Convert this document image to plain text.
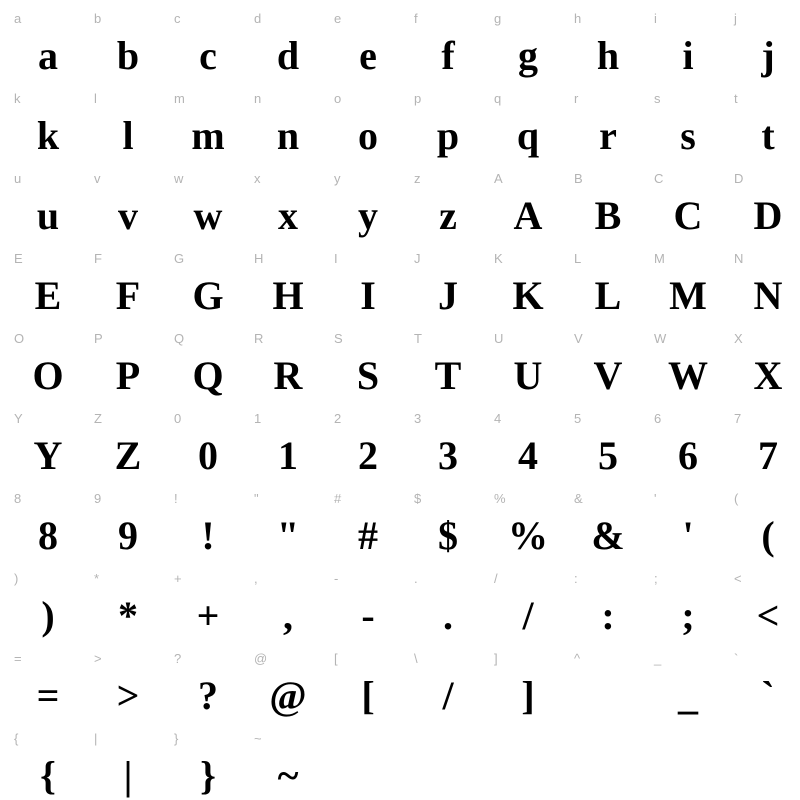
a
a
b
b
c
c
d
d
e
e
f
f
g
g
h
h
i
i
j
j
k
k
l
l
m
m
n
n
o
o
p
p
q
q
r
r
s
s
t
t
u
u
v
v
w
w
x
x
y
y
z
z
A
A
B
B
C
C
D
D
E
E
F
F
G
G
H
H
I
I
J
J
K
K
L
L
M
M
N
N
O
O
P
P
Q
Q
R
R
S
S
T
T
U
U
V
V
W
W
X
X
Y
Y
Z
Z
0
0
1
1
2
2
3
3
4
4
5
5
6
6
7
7
8
8
9
9
!
!
"
"
#
#
$
$
%
%
&
&
'
'
(
(
)
)
*
*
+
+
,
,
-
-
.
.
/
/
:
:
;
;
<
<
=
=
>
>
?
?
@
@
[
[
\
/
]
]
^	_
_
`
`
{
{
|
|
}
}
~
~
